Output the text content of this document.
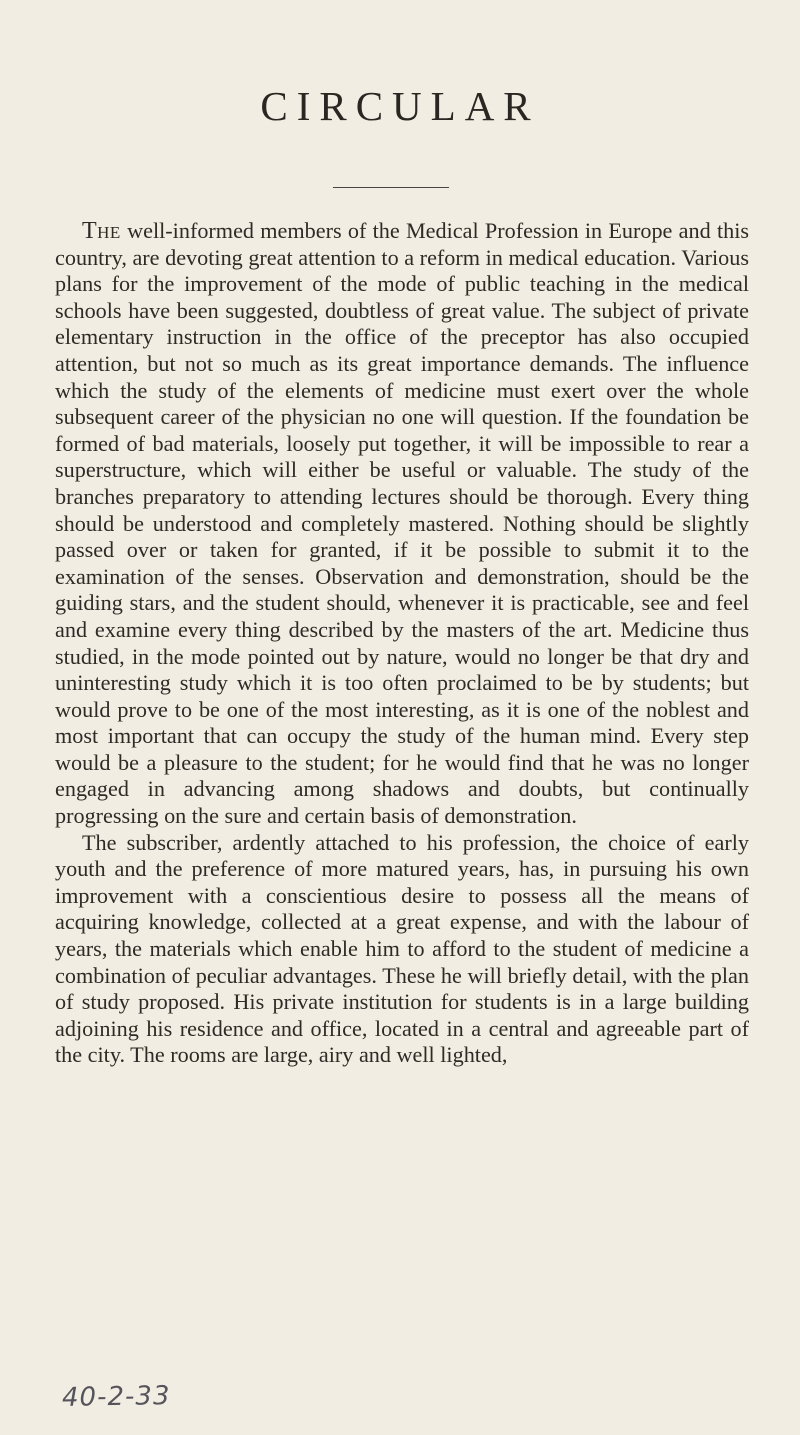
CIRCULAR

The well-informed members of the Medical Profession in Europe and this country, are devoting great attention to a reform in medical education. Various plans for the improvement of the mode of public teaching in the medical schools have been suggested, doubtless of great value. The subject of private elementary instruction in the office of the preceptor has also occupied attention, but not so much as its great importance demands. The influence which the study of the elements of medicine must exert over the whole subsequent career of the physician no one will question. If the foundation be formed of bad materials, loosely put together, it will be impossible to rear a superstructure, which will either be useful or valuable. The study of the branches preparatory to attending lectures should be thorough. Every thing should be understood and completely mastered. Nothing should be slightly passed over or taken for granted, if it be possible to submit it to the examination of the senses. Observation and demonstration, should be the guiding stars, and the student should, whenever it is practicable, see and feel and examine every thing described by the masters of the art. Medicine thus studied, in the mode pointed out by nature, would no longer be that dry and uninteresting study which it is too often proclaimed to be by students; but would prove to be one of the most interesting, as it is one of the noblest and most important that can occupy the study of the human mind. Every step would be a pleasure to the student; for he would find that he was no longer engaged in advancing among shadows and doubts, but continually progressing on the sure and certain basis of demonstration.

The subscriber, ardently attached to his profession, the choice of early youth and the preference of more matured years, has, in pursuing his own improvement with a conscientious desire to possess all the means of acquiring knowledge, collected at a great expense, and with the labour of years, the materials which enable him to afford to the student of medicine a combination of peculiar advantages. These he will briefly detail, with the plan of study proposed. His private institution for students is in a large building adjoining his residence and office, located in a central and agreeable part of the city. The rooms are large, airy and well lighted,

40-2-33
